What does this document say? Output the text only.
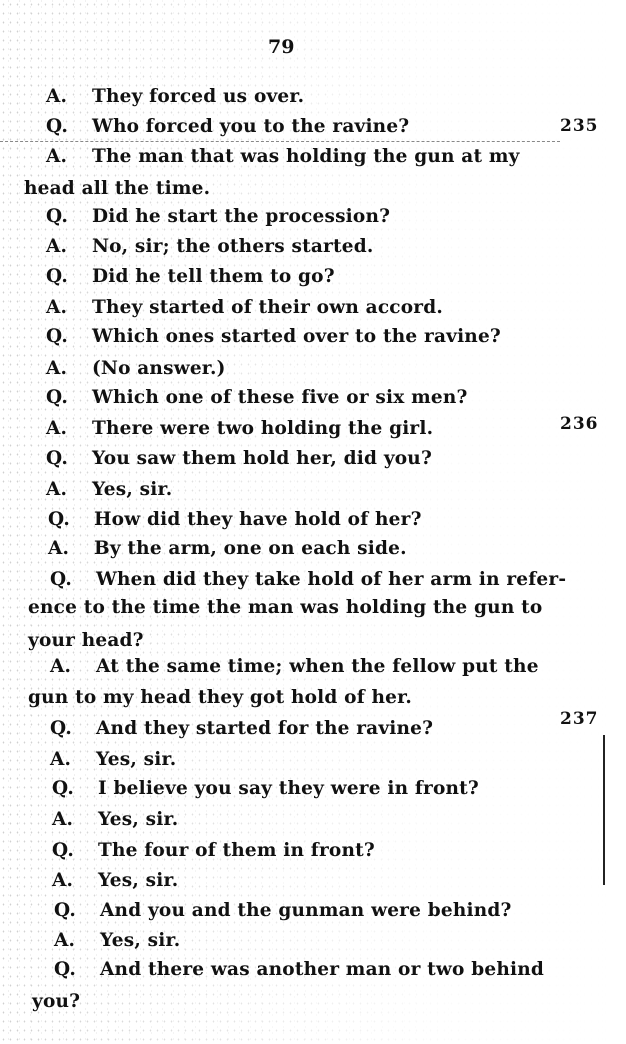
79
A. They forced us over.
Q. Who forced you to the ravine?
A. The man that was holding the gun at my
head all the time.
Q. Did he start the procession?
A. No, sir; the others started.
Q. Did he tell them to go?
A. They started of their own accord.
Q. Which ones started over to the ravine?
A. (No answer.)
Q. Which one of these five or six men?
A. There were two holding the girl.
Q. You saw them hold her, did you?
A. Yes, sir.
Q. How did they have hold of her?
A. By the arm, one on each side.
Q. When did they take hold of her arm in refer-
ence to the time the man was holding the gun to
your head?
A. At the same time; when the fellow put the
gun to my head they got hold of her.
Q. And they started for the ravine?
A. Yes, sir.
Q. I believe you say they were in front?
A. Yes, sir.
Q. The four of them in front?
A. Yes, sir.
Q. And you and the gunman were behind?
A. Yes, sir.
Q. And there was another man or two behind
you?
235
236
237
